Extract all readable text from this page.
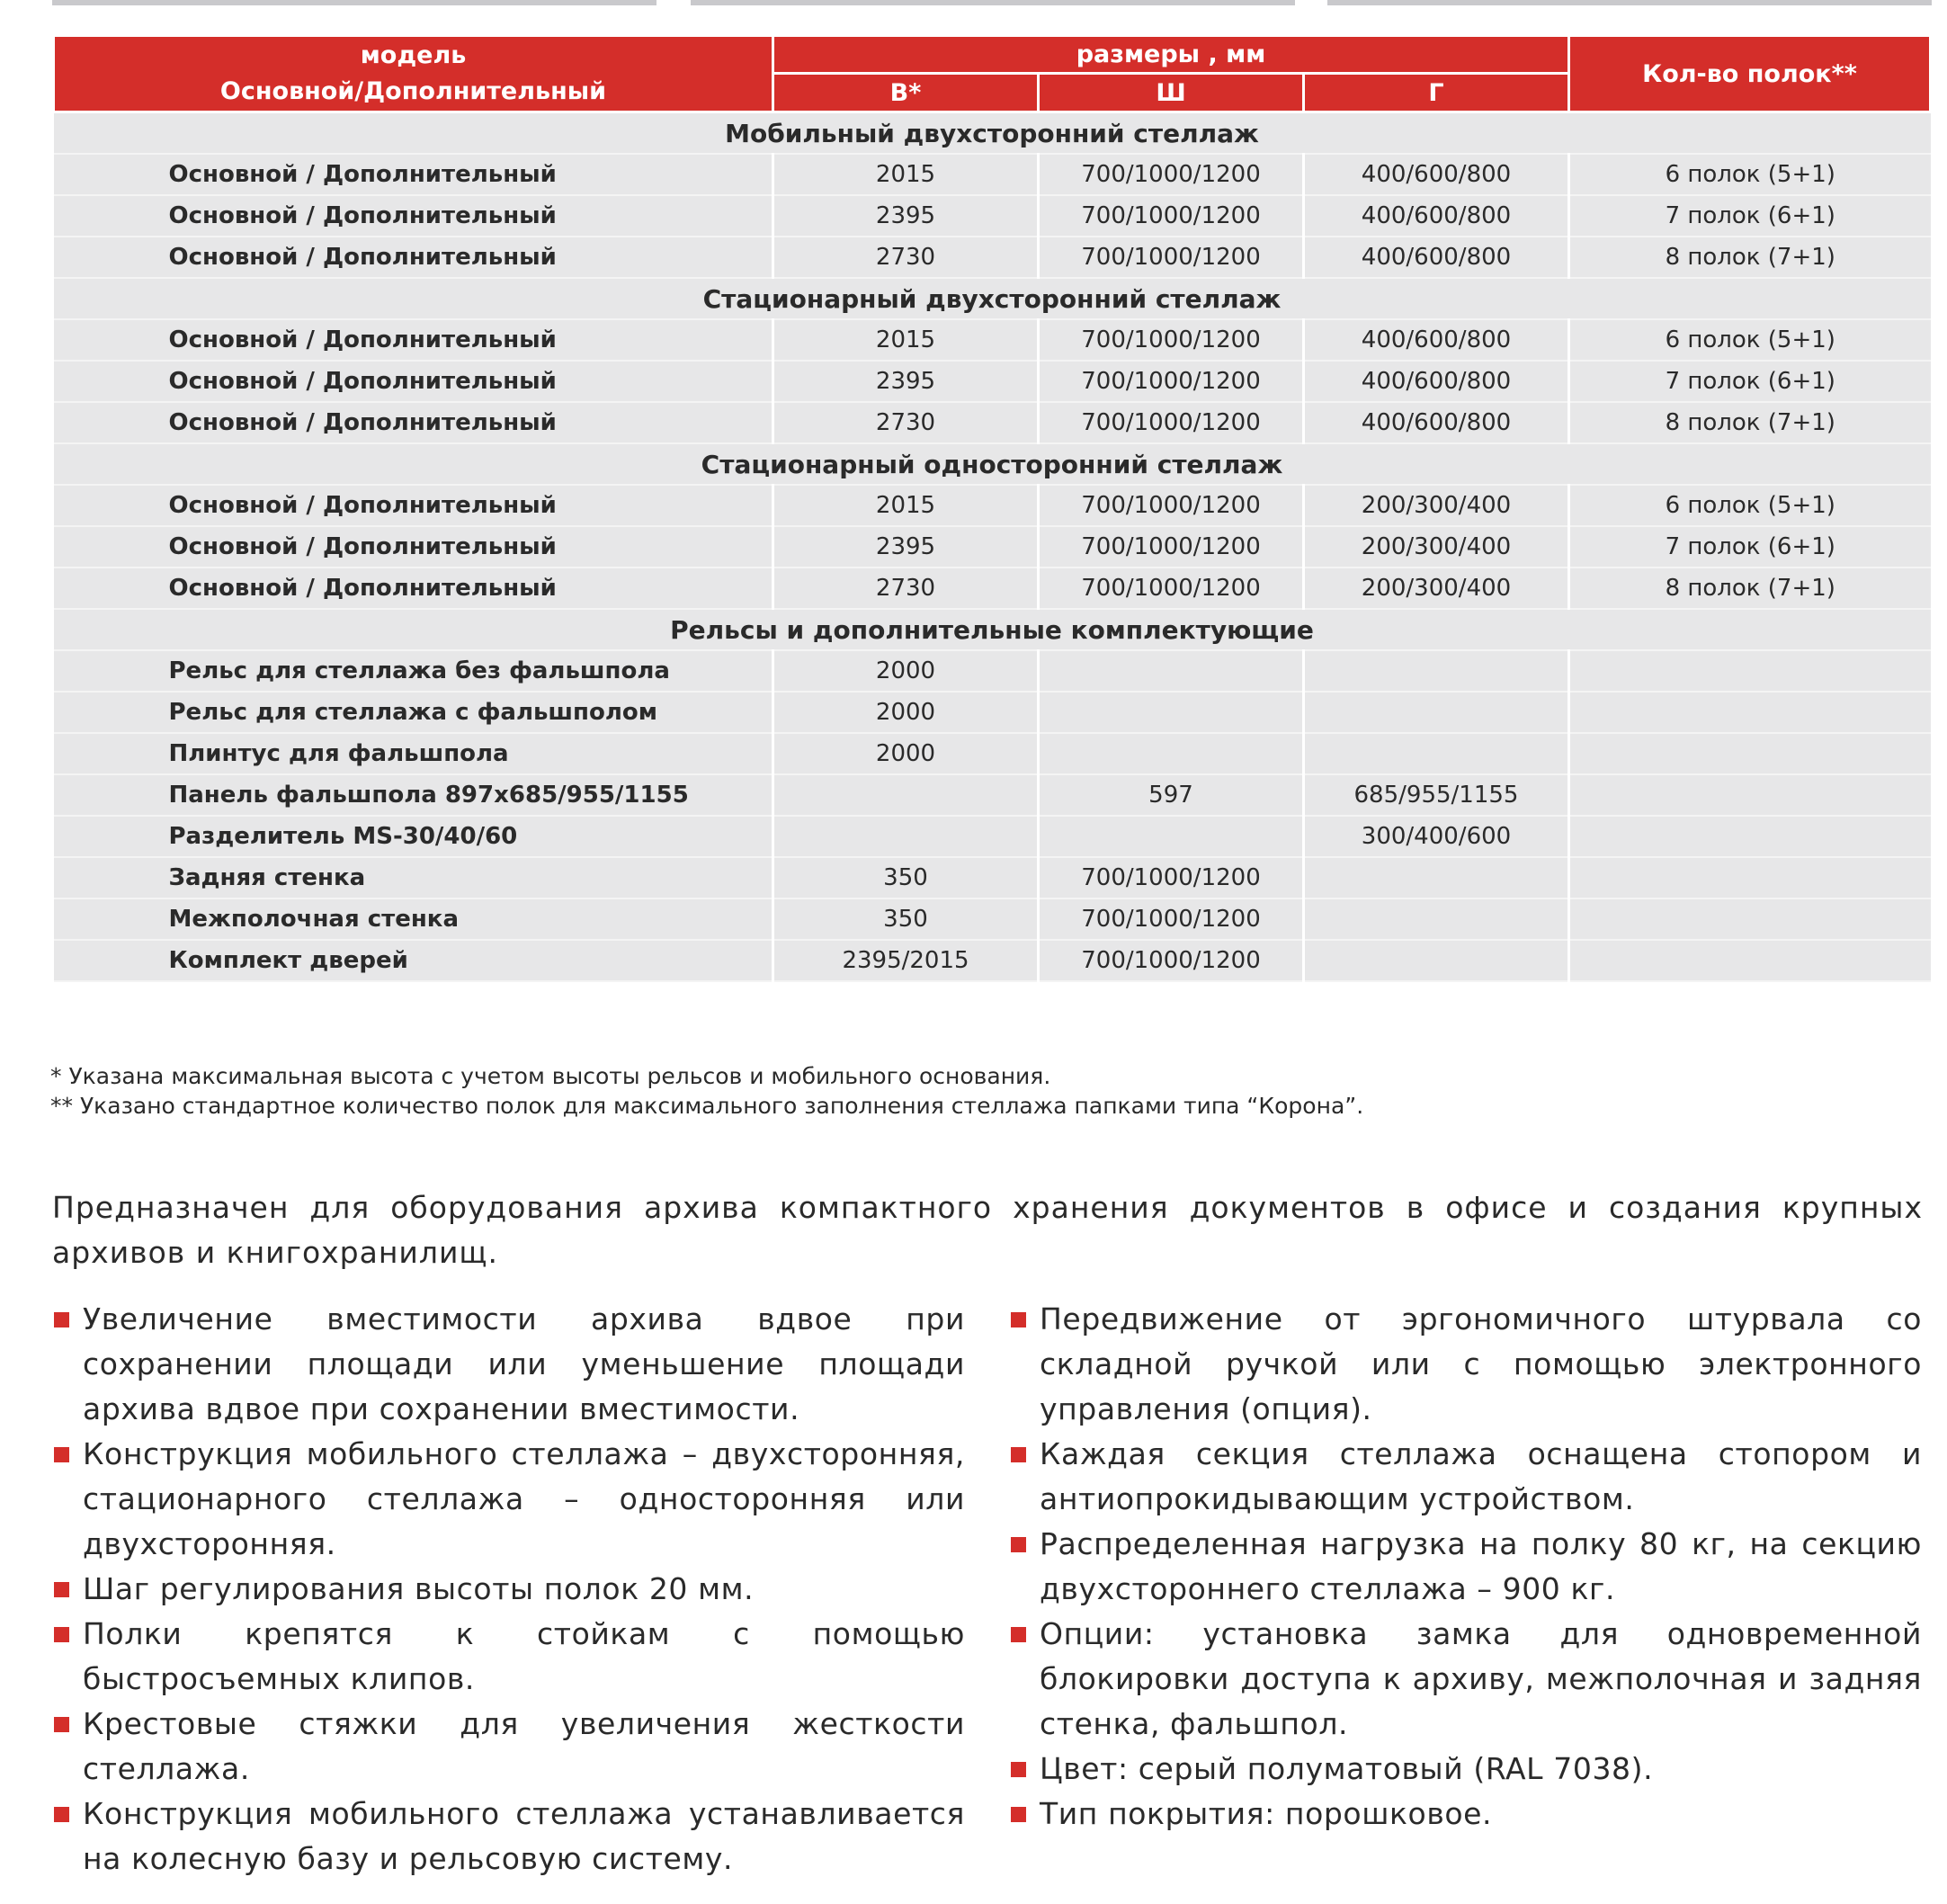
модель
Основной/Дополнительный	размеры , мм			Кол-во полок**
	В*	Ш	Г	
Мобильный двухсторонний стеллаж				
Основной / Дополнительный	2015	700/1000/1200	400/600/800	6 полок (5+1)
Основной / Дополнительный	2395	700/1000/1200	400/600/800	7 полок (6+1)
Основной / Дополнительный	2730	700/1000/1200	400/600/800	8 полок (7+1)
Стационарный двухсторонний стеллаж				
Основной / Дополнительный	2015	700/1000/1200	400/600/800	6 полок (5+1)
Основной / Дополнительный	2395	700/1000/1200	400/600/800	7 полок (6+1)
Основной / Дополнительный	2730	700/1000/1200	400/600/800	8 полок (7+1)
Стационарный односторонний стеллаж				
Основной / Дополнительный	2015	700/1000/1200	200/300/400	6 полок (5+1)
Основной / Дополнительный	2395	700/1000/1200	200/300/400	7 полок (6+1)
Основной / Дополнительный	2730	700/1000/1200	200/300/400	8 полок (7+1)
Рельсы и дополнительные комплектующие				
Рельс для стеллажа без фальшпола	2000			
Рельс для стеллажа с фальшполом	2000			
Плинтус для фальшпола	2000			
Панель фальшпола 897х685/955/1155		597	685/955/1155	
Разделитель MS-30/40/60			300/400/600	
Задняя стенка	350	700/1000/1200		
Межполочная стенка	350	700/1000/1200		
Комплект дверей	2395/2015	700/1000/1200		
* Указана максимальная высота с учетом высоты рельсов и мобильного основания.
** Указано стандартное количество полок для максимального заполнения стеллажа папками типа “Корона”.
Предназначен для оборудования архива компактного хранения документов в офисе и создания крупных архивов и книгохранилищ.
Увеличение вместимости архива вдвое при сохранении площади или уменьшение площади архива вдвое при сохранении вместимости.
Конструкция мобильного стеллажа – двухсторонняя, стационарного стеллажа – односторонняя или двухсторонняя.
Шаг регулирования высоты полок 20 мм.
Полки крепятся к стойкам с помощью быстросъемных клипов.
Крестовые стяжки для увеличения жесткости стеллажа.
Конструкция мобильного стеллажа устанавливается на колесную базу и рельсовую систему.
Передвижение от эргономичного штурвала со складной ручкой или с помощью электронного управления (опция).
Каждая секция стеллажа оснащена стопором и антиопрокидывающим устройством.
Распределенная нагрузка на полку 80 кг, на секцию двухстороннего стеллажа – 900 кг.
Опции: установка замка для одновременной блокировки доступа к архиву, межполочная и задняя стенка, фальшпол.
Цвет: серый полуматовый (RAL 7038).
Тип покрытия: порошковое.
